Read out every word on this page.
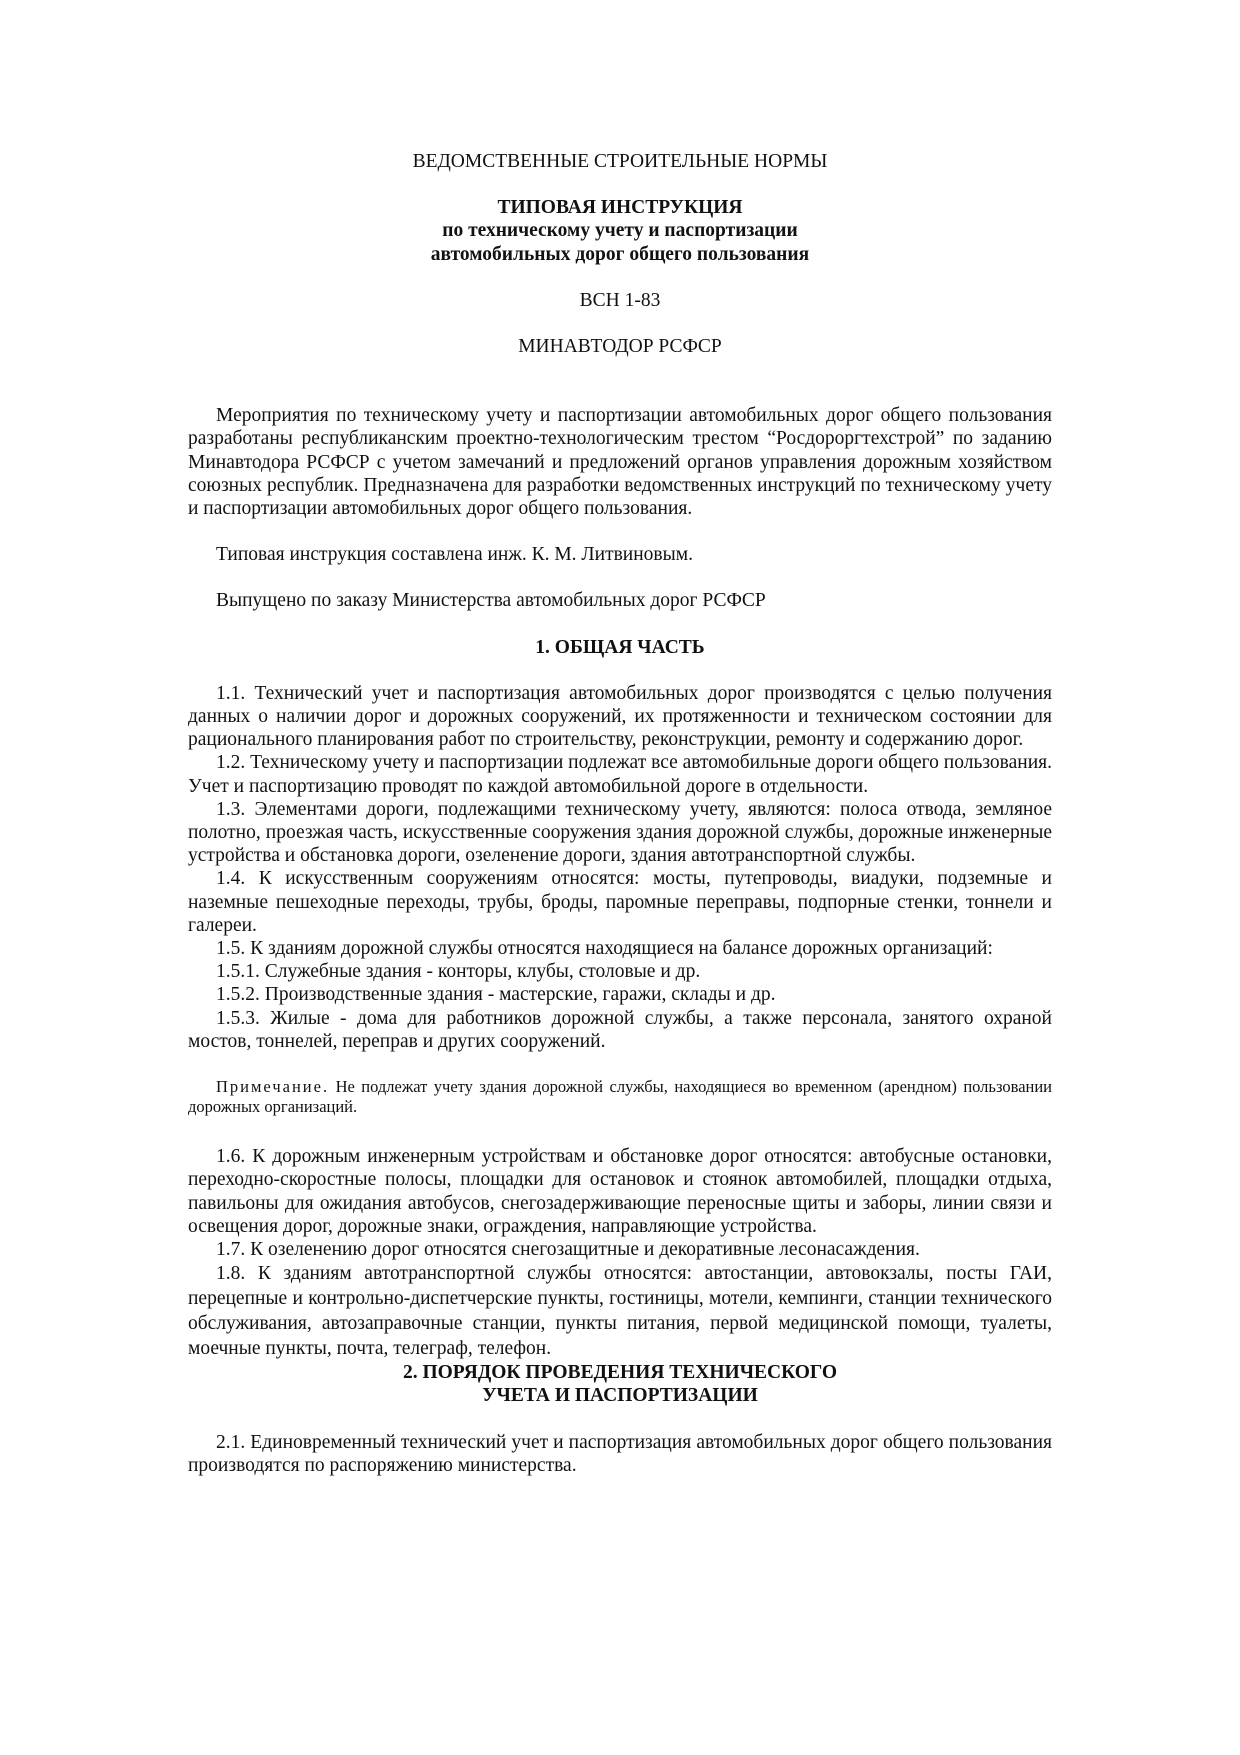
ВЕДОМСТВЕННЫЕ СТРОИТЕЛЬНЫЕ НОРМЫ
ТИПОВАЯ ИНСТРУКЦИЯ
по техническому учету и паспортизации
автомобильных дорог общего пользования
ВСН 1-83
МИНАВТОДОР РСФСР

Мероприятия по техническому учету и паспортизации автомобильных дорог общего пользования разработаны республиканским проектно-технологическим трестом “Росдороргтехстрой” по заданию Минавтодора РСФСР с учетом замечаний и предложений органов управления дорожным хозяйством союзных республик. Предназначена для разработки ведомственных инструкций по техническому учету и паспортизации автомобильных дорог общего пользования.

Типовая инструкция составлена инж. К. М. Литвиновым.

Выпущено по заказу Министерства автомобильных дорог РСФСР

1. ОБЩАЯ ЧАСТЬ

1.1. Технический учет и паспортизация автомобильных дорог производятся с целью получения данных о наличии дорог и дорожных сооружений, их протяженности и техническом состоянии для рационального планирования работ по строительству, реконструкции, ремонту и содержанию дорог.

1.2. Техническому учету и паспортизации подлежат все автомобильные дороги общего пользования. Учет и паспортизацию проводят по каждой автомобильной дороге в отдельности.

1.3. Элементами дороги, подлежащими техническому учету, являются: полоса отвода, земляное полотно, проезжая часть, искусственные сооружения здания дорожной службы, дорожные инженерные устройства и обстановка дороги, озеленение дороги, здания автотранспортной службы.

1.4. К искусственным сооружениям относятся: мосты, путепроводы, виадуки, подземные и наземные пешеходные переходы, трубы, броды, паромные переправы, подпорные стенки, тоннели и галереи.

1.5. К зданиям дорожной службы относятся находящиеся на балансе дорожных организаций:

1.5.1. Служебные здания - конторы, клубы, столовые и др.

1.5.2. Производственные здания - мастерские, гаражи, склады и др.

1.5.3. Жилые - дома для работников дорожной службы, а также персонала, занятого охраной мостов, тоннелей, переправ и других сооружений.

Примечание. Не подлежат учету здания дорожной службы, находящиеся во временном (арендном) пользовании дорожных организаций.

1.6. К дорожным инженерным устройствам и обстановке дорог относятся: автобусные остановки, переходно-скоростные полосы, площадки для остановок и стоянок автомобилей, площадки отдыха, павильоны для ожидания автобусов, снегозадерживающие переносные щиты и заборы, линии связи и освещения дорог, дорожные знаки, ограждения, направляющие устройства.

1.7. К озеленению дорог относятся снегозащитные и декоративные лесонасаждения.

1.8. К зданиям автотранспортной службы относятся: автостанции, автовокзалы, посты ГАИ, перецепные и контрольно-диспетчерские пункты, гостиницы, мотели, кемпинги, станции технического обслуживания, автозаправочные станции, пункты питания, первой медицинской помощи, туалеты, моечные пункты, почта, телеграф, телефон.

2. ПОРЯДОК ПРОВЕДЕНИЯ ТЕХНИЧЕСКОГО
УЧЕТА И ПАСПОРТИЗАЦИИ

2.1. Единовременный технический учет и паспортизация автомобильных дорог общего пользования производятся по распоряжению министерства.
